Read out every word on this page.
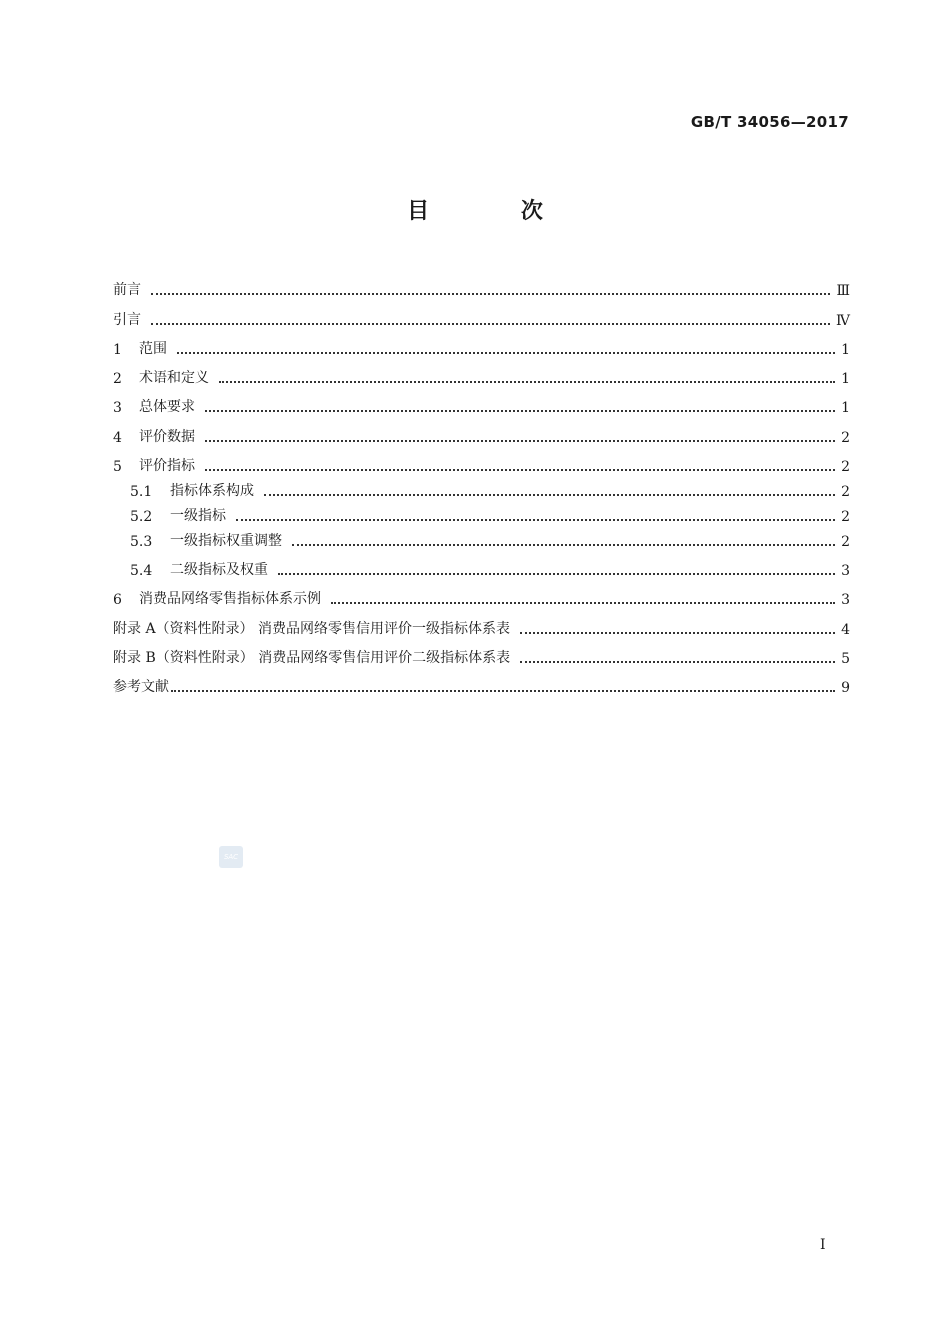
GB/T 34056—2017
目 次
前言	Ⅲ
引言	Ⅳ
1	范围	1
2	术语和定义	1
3	总体要求	1
4	评价数据	2
5	评价指标	2
5.1	指标体系构成	2
5.2	一级指标	2
5.3	一级指标权重调整	2
5.4	二级指标及权重	3
6	消费品网络零售指标体系示例	3
附录 A（资料性附录） 消费品网络零售信用评价一级指标体系表	4
附录 B（资料性附录） 消费品网络零售信用评价二级指标体系表	5
参考文献	9
SAC
I
